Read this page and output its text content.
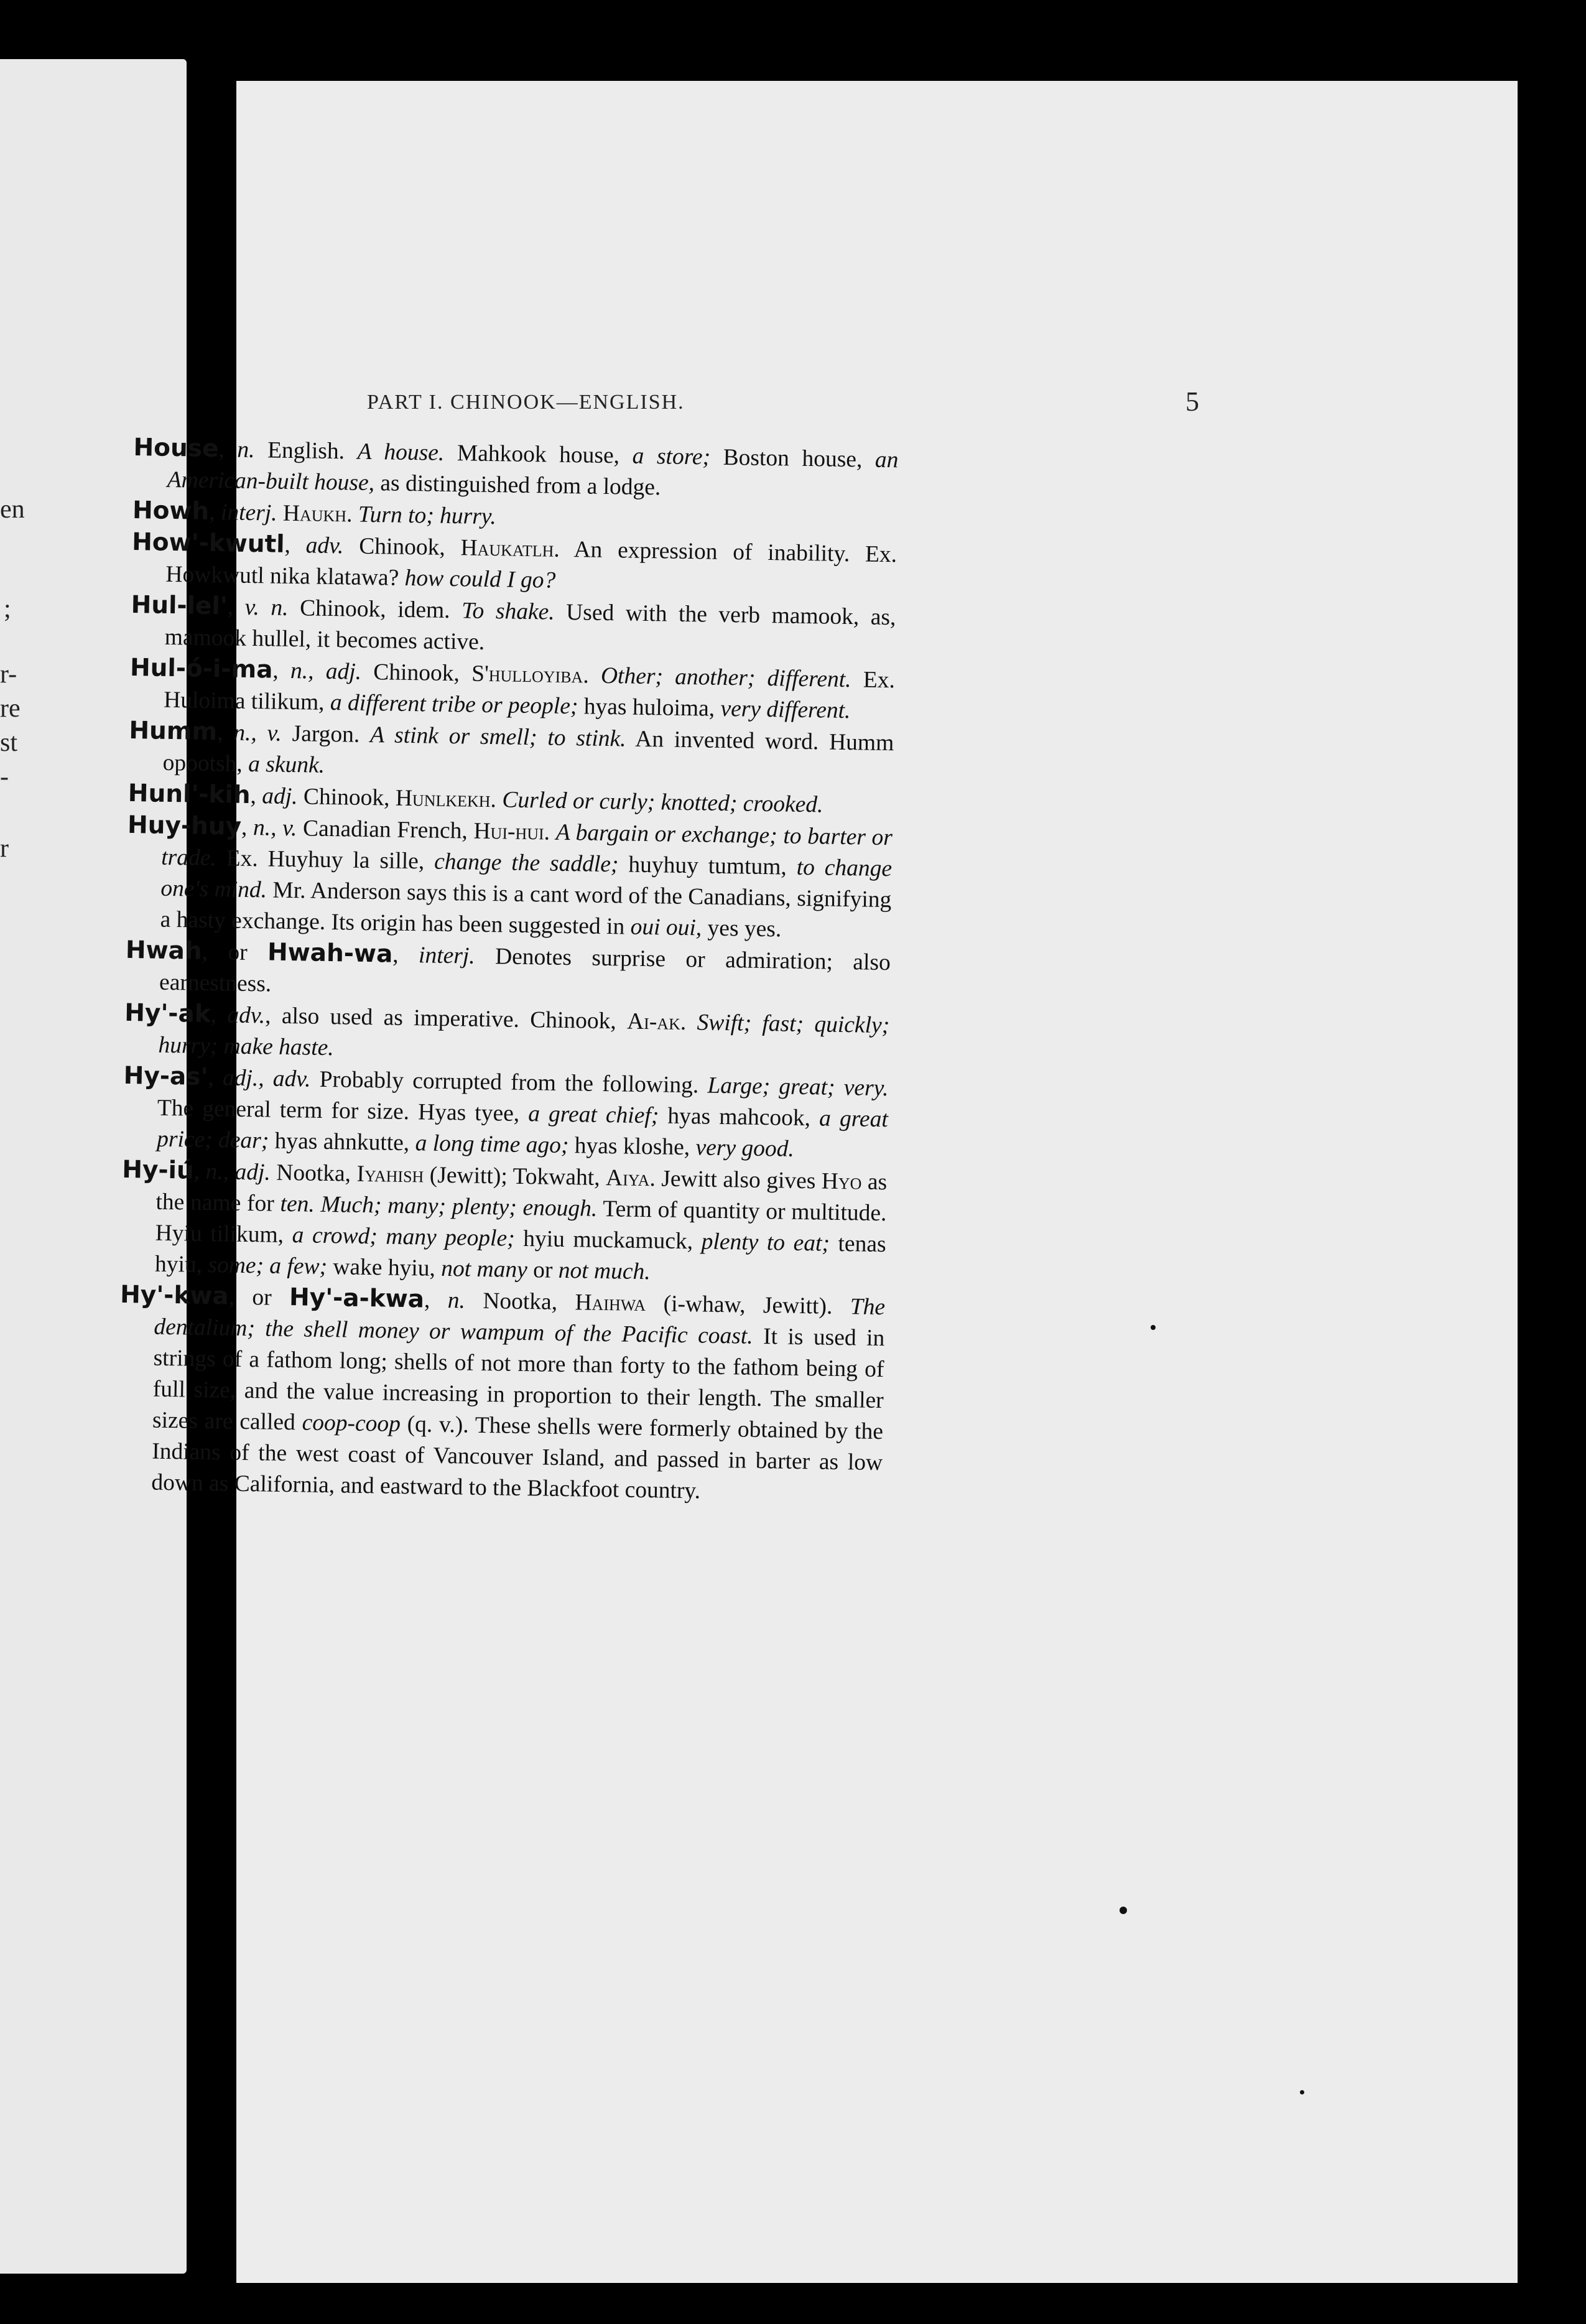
en
;
r-
re
st
-
r
PART I. CHINOOK—ENGLISH.	5

House, n. English. A house. Mahkook house, a store; Boston house, an American-built house, as distinguished from a lodge.

Howh, interj. Haukh. Turn to; hurry.

How'-kwutl, adv. Chinook, Haukatlh. An expression of inability. Ex. Howkwutl nika klatawa? how could I go?

Hul-lel', v. n. Chinook, idem. To shake. Used with the verb mamook, as, mamook hullel, it becomes active.

Hul-ó-i-ma, n., adj. Chinook, S'hulloyiba. Other; another; different. Ex. Huloima tilikum, a different tribe or people; hyas huloima, very different.

Humm, n., v. Jargon. A stink or smell; to stink. An invented word. Humm opootsh, a skunk.

Hunl'-kih, adj. Chinook, Hunlkekh. Curled or curly; knotted; crooked.

Huy-huy, n., v. Canadian French, Hui-hui. A bargain or exchange; to barter or trade. Ex. Huyhuy la sille, change the saddle; huyhuy tumtum, to change one's mind. Mr. Anderson says this is a cant word of the Canadians, signifying a hasty exchange. Its origin has been suggested in oui oui, yes yes.

Hwah, or Hwah-wa, interj. Denotes surprise or admiration; also earnestness.

Hy'-ak, adv., also used as imperative. Chinook, Ai-ak. Swift; fast; quickly; hurry; make haste.

Hy-as', adj., adv. Probably corrupted from the following. Large; great; very. The general term for size. Hyas tyee, a great chief; hyas mahcook, a great price; dear; hyas ahnkutte, a long time ago; hyas kloshe, very good.

Hy-iú, n., adj. Nootka, Iyahish (Jewitt); Tokwaht, Aiya. Jewitt also gives Hyo as the name for ten. Much; many; plenty; enough. Term of quantity or multitude. Hyiu tilikum, a crowd; many people; hyiu muckamuck, plenty to eat; tenas hyiu, some; a few; wake hyiu, not many or not much.

Hy'-kwa, or Hy'-a-kwa, n. Nootka, Haihwa (i-whaw, Jewitt). The dentalium; the shell money or wampum of the Pacific coast. It is used in strings of a fathom long; shells of not more than forty to the fathom being of full size, and the value increasing in proportion to their length. The smaller sizes are called coop-coop (q. v.). These shells were formerly obtained by the Indians of the west coast of Vancouver Island, and passed in barter as low down as California, and eastward to the Blackfoot country.
